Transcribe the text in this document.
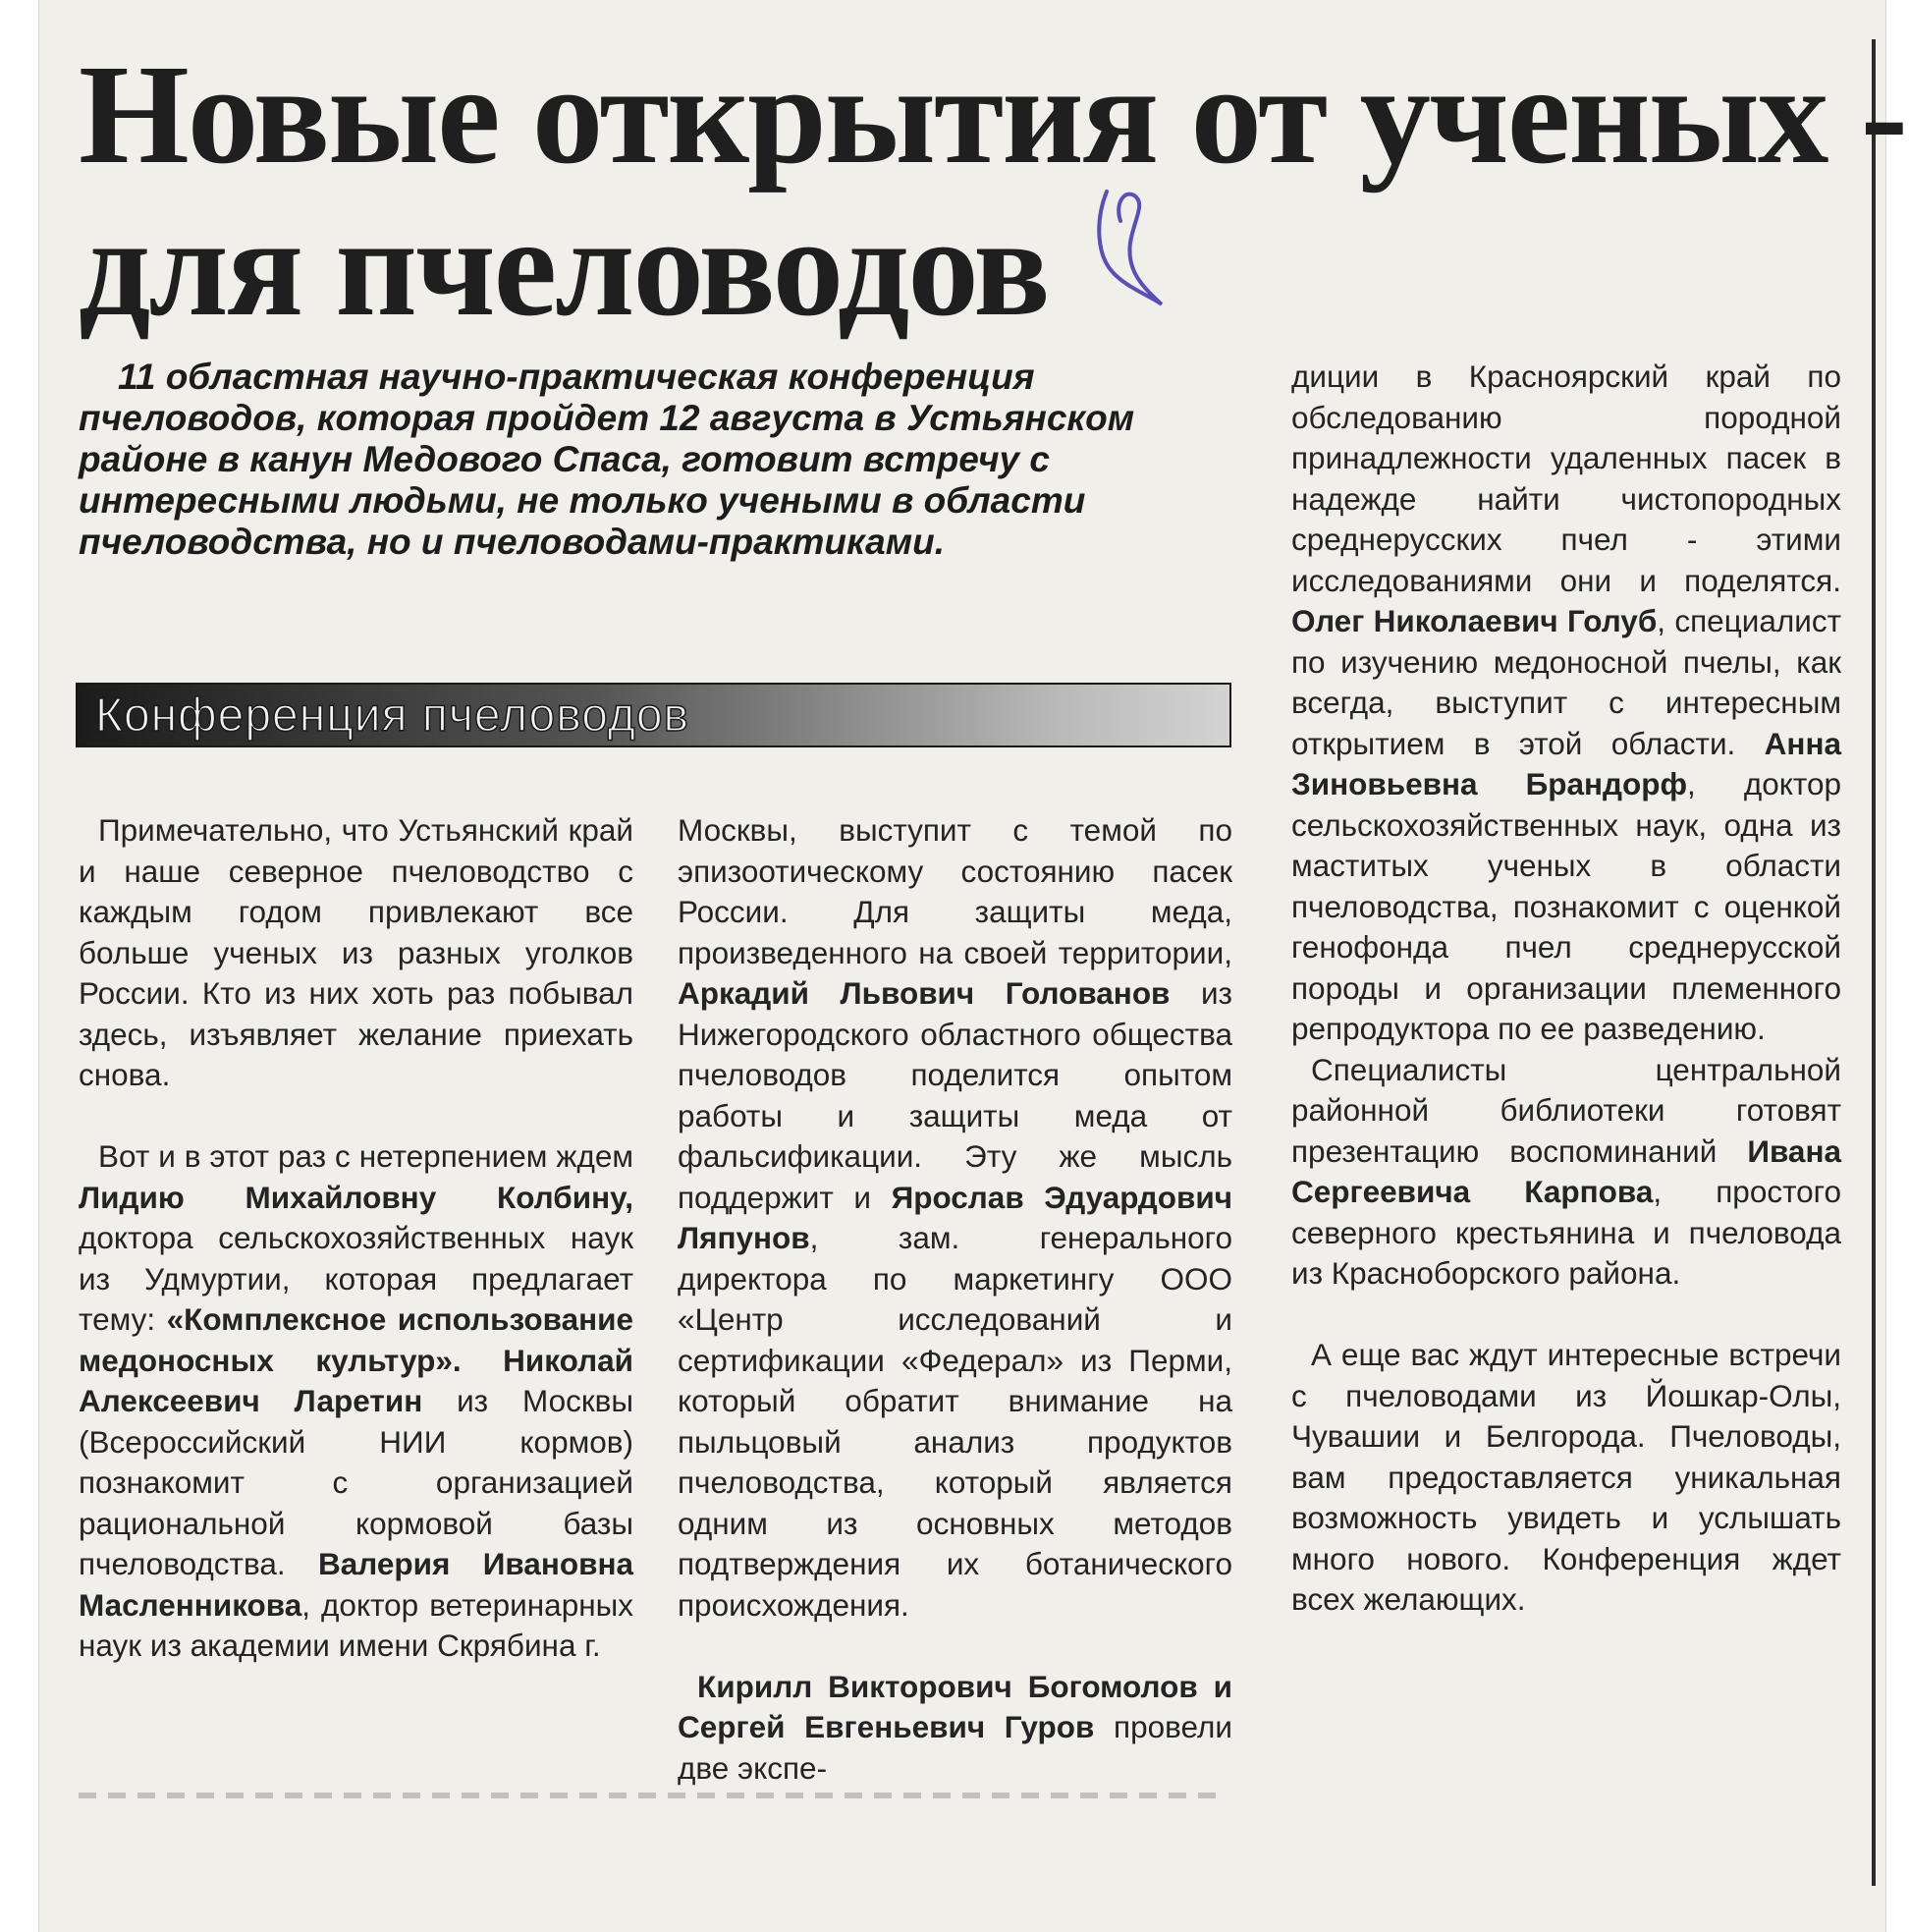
Новые открытия от ученых -
для пчеловодов

11 областная научно-практическая конференция пчеловодов, которая пройдет 12 августа в Устьянском районе в канун Медового Спаса, готовит встречу с интересными людьми, не только учеными в области пчеловодства, но и пчеловодами-практиками.

Конференция пчеловодов

Примечательно, что Устьянский край и наше северное пчеловодство с каждым годом привлекают все больше ученых из разных уголков России. Кто из них хоть раз побывал здесь, изъявляет желание приехать снова.

Вот и в этот раз с нетерпением ждем Лидию Михайловну Колбину, доктора сельскохозяйственных наук из Удмуртии, которая предлагает тему: «Комплексное использование медоносных культур». Николай Алексеевич Ларетин из Москвы (Всероссийский НИИ кормов) познакомит с организацией рациональной кормовой базы пчеловодства. Валерия Ивановна Масленникова, доктор ветеринарных наук из академии имени Скрябина г.

Москвы, выступит с темой по эпизоотическому состоянию пасек России. Для защиты меда, произведенного на своей территории, Аркадий Львович Голованов из Нижегородского областного общества пчеловодов поделится опытом работы и защиты меда от фальсификации. Эту же мысль поддержит и Ярослав Эдуардович Ляпунов, зам. генерального директора по маркетингу ООО «Центр исследований и сертификации «Федерал» из Перми, который обратит внимание на пыльцовый анализ продуктов пчеловодства, который является одним из основных методов подтверждения их ботанического происхождения.

Кирилл Викторович Богомолов и Сергей Евгеньевич Гуров провели две экспе-

диции в Красноярский край по обследованию породной принадлежности удаленных пасек в надежде найти чистопородных среднерусских пчел - этими исследованиями они и поделятся. Олег Николаевич Голуб, специалист по изучению медоносной пчелы, как всегда, выступит с интересным открытием в этой области. Анна Зиновьевна Брандорф, доктор сельскохозяйственных наук, одна из маститых ученых в области пчеловодства, познакомит с оценкой генофонда пчел среднерусской породы и организации племенного репродуктора по ее разведению.

Специалисты центральной районной библиотеки готовят презентацию воспоминаний Ивана Сергеевича Карпова, простого северного крестьянина и пчеловода из Красноборского района.

А еще вас ждут интересные встречи с пчеловодами из Йошкар-Олы, Чувашии и Белгорода. Пчеловоды, вам предоставляется уникальная возможность увидеть и услышать много нового. Конференция ждет всех желающих.
